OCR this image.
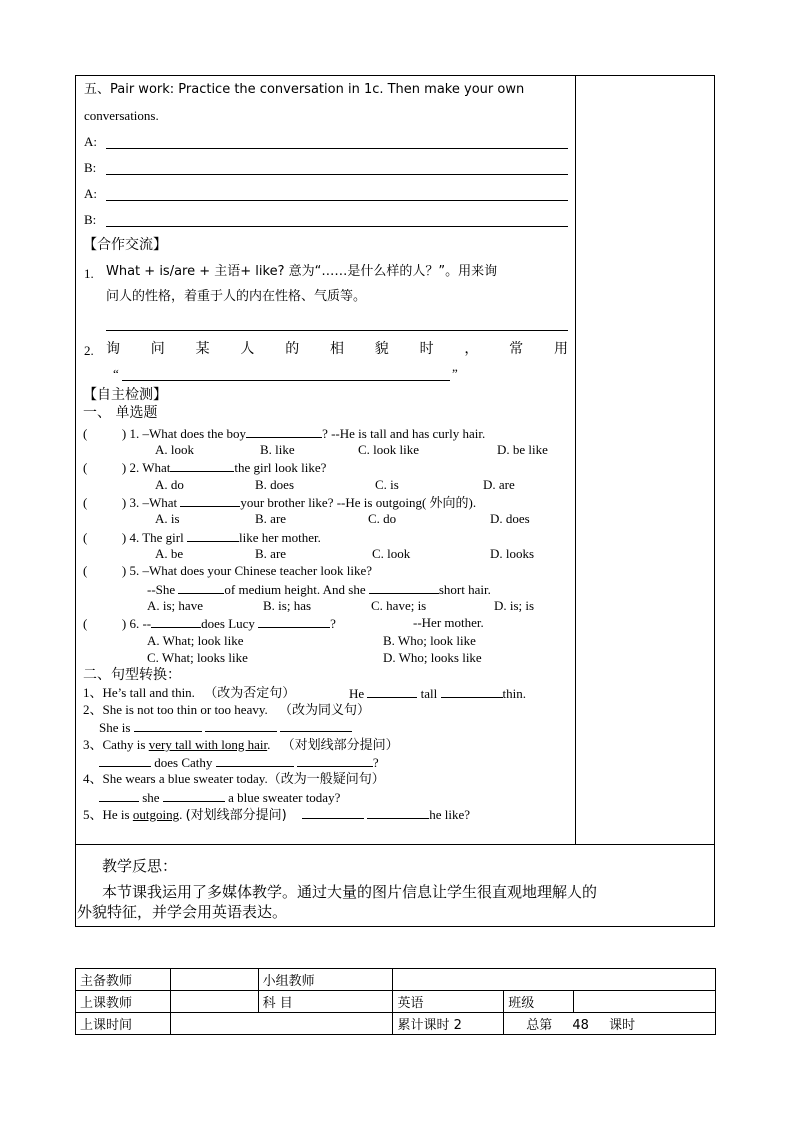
五、Pair work: Practice the conversation in 1c. Then make your own
conversations.
A:
B:
A:
B:
【合作交流】
1. What + is/are + 主语+ like? 意为“……是什么样的人？”。用来询
问人的性格，着重于人的内在性格、气质等。
2. 询 问 某 人 的 相 貌 时 ， 常 用
“	”
【自主检测】
一、 单选题
(	) 1. –What does the boy	? --He is tall and has curly hair.
A. look	B. like	C. look like	D. be like
(	) 2. What	the girl look like?
A. do	B. does	C. is	D. are
(	) 3. –What	your brother like? --He is outgoing( 外向的).
A. is	B. are	C. do	D. does
(	) 4. The girl	like her mother.
A. be	B. are	C. look	D. looks
(	) 5. –What does your Chinese teacher look like?
--She	of medium height. And she	short hair.
A. is; have	B. is; has	C. have; is	D. is; is
(	) 6. --	does Lucy	?	--Her mother.
A. What; look like	B. Who; look like
C. What; looks like	D. Who; looks like
二、句型转换：
1、He’s tall and thin. （改为否定句）	He	tall	thin.
2、She is not too thin or too heavy. （改为同义句）
She is
3、Cathy is very tall with long hair. （对划线部分提问）
does Cathy	?
4、She wears a blue sweater today.（改为一般疑问句）
she	a blue sweater today?
5、He is outgoing. (对划线部分提问)	he like?
教学反思：
本节课我运用了多媒体教学。通过大量的图片信息让学生很直观地理解人的
外貌特征，并学会用英语表达。
主备教师		小组教师			
上课教师		科 目	英语	班级	
上课时间			累计课时 2	总第 48 课时	
